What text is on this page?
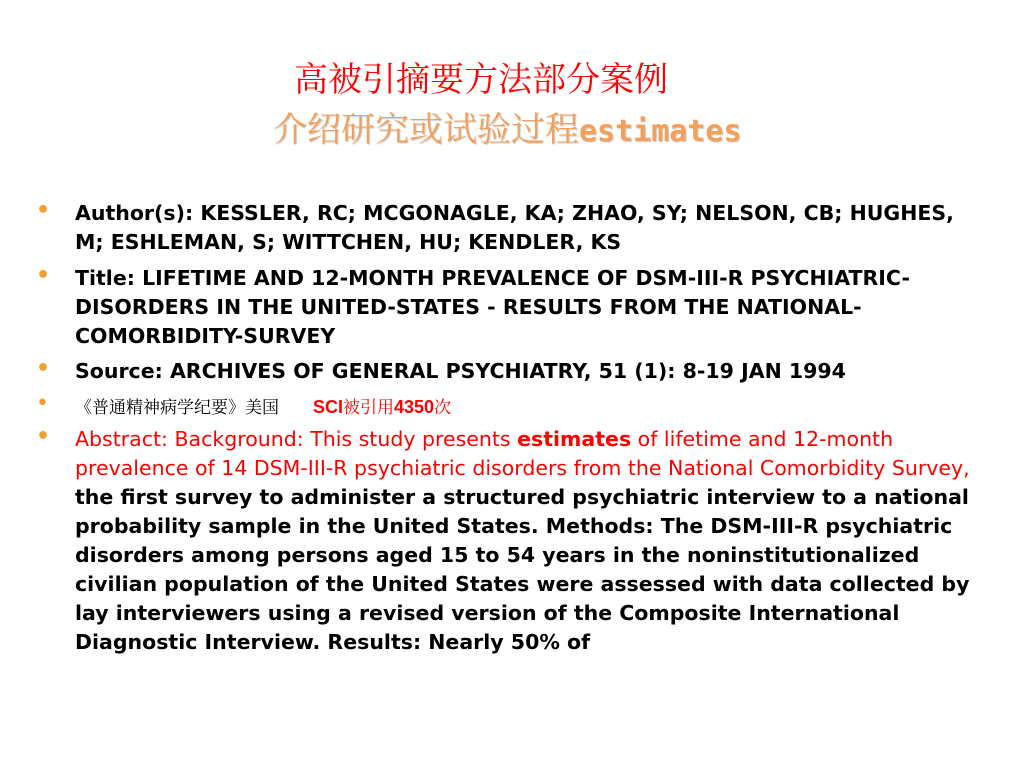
高被引摘要方法部分案例
介绍研究或试验过程estimates
• Author(s): KESSLER, RC; MCGONAGLE, KA; ZHAO, SY; NELSON, CB; HUGHES, M; ESHLEMAN, S; WITTCHEN, HU; KENDLER, KS
• Title: LIFETIME AND 12-MONTH PREVALENCE OF DSM-III-R PSYCHIATRIC-DISORDERS IN THE UNITED-STATES - RESULTS FROM THE NATIONAL-COMORBIDITY-SURVEY
• Source: ARCHIVES OF GENERAL PSYCHIATRY, 51 (1): 8-19 JAN 1994
• 《普通精神病学纪要》美国 SCI被引用4350次
• Abstract: Background: This study presents estimates of lifetime and 12-month prevalence of 14 DSM-III-R psychiatric disorders from the National Comorbidity Survey, the first survey to administer a structured psychiatric interview to a national probability sample in the United States. Methods: The DSM-III-R psychiatric disorders among persons aged 15 to 54 years in the noninstitutionalized civilian population of the United States were assessed with data collected by lay interviewers using a revised version of the Composite International Diagnostic Interview. Results: Nearly 50% of
